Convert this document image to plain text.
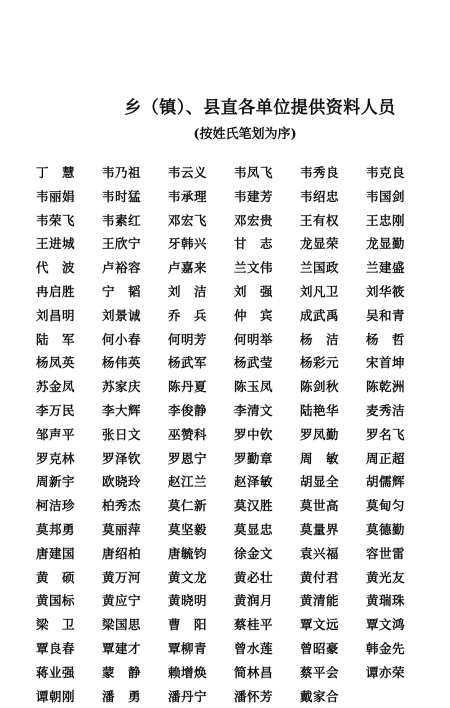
乡（镇）、县直各单位提供资料人员
(按姓氏笔划为序)
丁　慧	韦乃祖	韦云义	韦凤飞	韦秀良	韦克良
韦丽娟	韦时猛	韦承理	韦建芳	韦绍忠	韦国剑
韦荣飞	韦素红	邓宏飞	邓宏贵	王有权	王忠刚
王进城	王欣宁	牙韩兴	甘　志	龙显荣	龙显勤
代　波	卢裕容	卢嘉来	兰文伟	兰国政	兰建盛
冉启胜	宁　韬	刘　洁	刘　强	刘凡卫	刘华筱
刘昌明	刘景诚	乔　兵	仲　宾	成武禹	吴和青
陆　军	何小春	何明芳	何明举	杨　洁	杨　哲
杨凤英	杨伟英	杨武军	杨武莹	杨彩元	宋首坤
苏金凤	苏家庆	陈丹夏	陈玉凤	陈剑秋	陈乾洲
李万民	李大辉	李俊静	李清文	陆艳华	麦秀洁
邹声平	张日文	巫赞科	罗中钦	罗凤勤	罗名飞
罗克林	罗泽钦	罗恩宁	罗勤章	周　敏	周正超
周新宇	欧晓玲	赵江兰	赵泽敏	胡显全	胡儒辉
柯洁珍	柏秀杰	莫仁新	莫汉胜	莫世高	莫甸匀
莫邦勇	莫丽萍	莫坚毅	莫显忠	莫量界	莫德勤
唐建国	唐绍柏	唐毓钧	徐金文	袁兴福	容世雷
黄　硕	黄万河	黄文龙	黄必壮	黄付君	黄光友
黄国标	黄应宁	黄晓明	黄润月	黄清能	黄瑞珠
梁　卫	梁国思	曹　阳	蔡桂平	覃文远	覃文鸿
覃良春	覃建才	覃柳青	曾水莲	曾昭豪	韩金先
蒋业强	蒙　静	赖增焕	简林昌	蔡平会	谭亦荣
谭朝刚	潘　勇	潘丹宁	潘怀芳	戴家合
